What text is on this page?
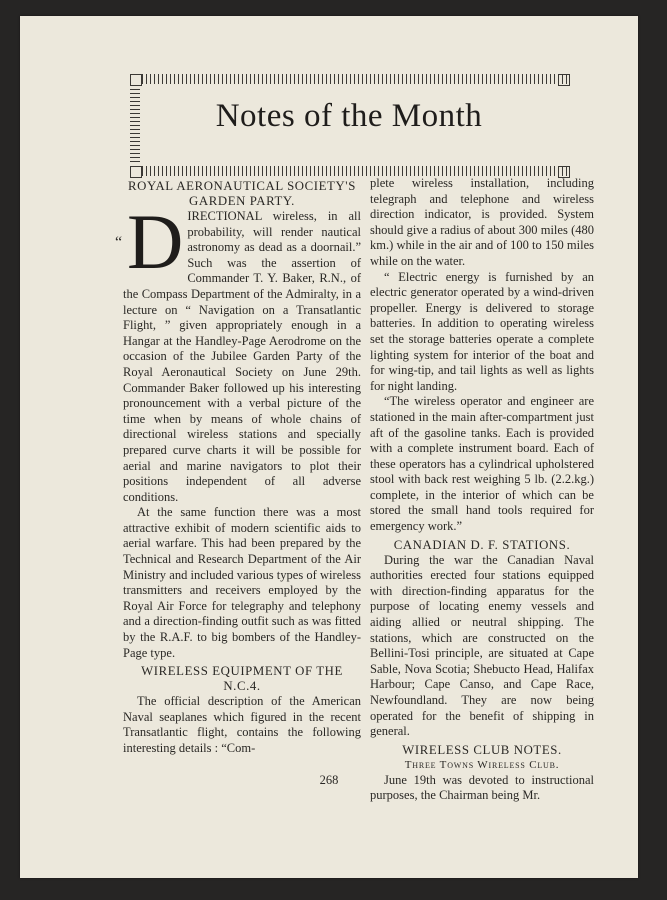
Notes of the Month
ROYAL AERONAUTICAL SOCIETY'S GARDEN PARTY.
“ D IRECTIONAL wireless, in all probability, will render nautical astronomy as dead as a doornail.” Such was the assertion of Commander T. Y. Baker, R.N., of the Compass Department of the Admiralty, in a lecture on “ Navigation on a Transatlantic Flight, ” given appropriately enough in a Hangar at the Handley-Page Aerodrome on the occasion of the Jubilee Garden Party of the Royal Aeronautical Society on June 29th. Commander Baker followed up his interesting pronouncement with a verbal picture of the time when by means of whole chains of directional wireless stations and specially prepared curve charts it will be possible for aerial and marine navigators to plot their positions independent of all adverse conditions.

At the same function there was a most attractive exhibit of modern scientific aids to aerial warfare. This had been prepared by the Technical and Research Department of the Air Ministry and included various types of wireless transmitters and receivers employed by the Royal Air Force for telegraphy and telephony and a direction-finding outfit such as was fitted by the R.A.F. to big bombers of the Handley-Page type.

WIRELESS EQUIPMENT OF THE N.C.4.

The official description of the American Naval seaplanes which figured in the recent Transatlantic flight, contains the following interesting details : “Com-

plete wireless installation, including telegraph and telephone and wireless direction indicator, is provided. System should give a radius of about 300 miles (480 km.) while in the air and of 100 to 150 miles while on the water.

“ Electric energy is furnished by an electric generator operated by a wind-driven propeller. Energy is delivered to storage batteries. In addition to operating wireless set the storage batteries operate a complete lighting system for interior of the boat and for wing-tip, and tail lights as well as lights for night landing.

“The wireless operator and engineer are stationed in the main after-compartment just aft of the gasoline tanks. Each is provided with a complete instrument board. Each of these operators has a cylindrical upholstered stool with back rest weighing 5 lb. (2.2.kg.) complete, in the interior of which can be stored the small hand tools required for emergency work.”

CANADIAN D. F. STATIONS.

During the war the Canadian Naval authorities erected four stations equipped with direction-finding apparatus for the purpose of locating enemy vessels and aiding allied or neutral shipping. The stations, which are constructed on the Bellini-Tosi principle, are situated at Cape Sable, Nova Scotia; Shebucto Head, Halifax Harbour; Cape Canso, and Cape Race, Newfoundland. They are now being operated for the benefit of shipping in general.

WIRELESS CLUB NOTES.
Three Towns Wireless Club.

June 19th was devoted to instructional purposes, the Chairman being Mr.

268
